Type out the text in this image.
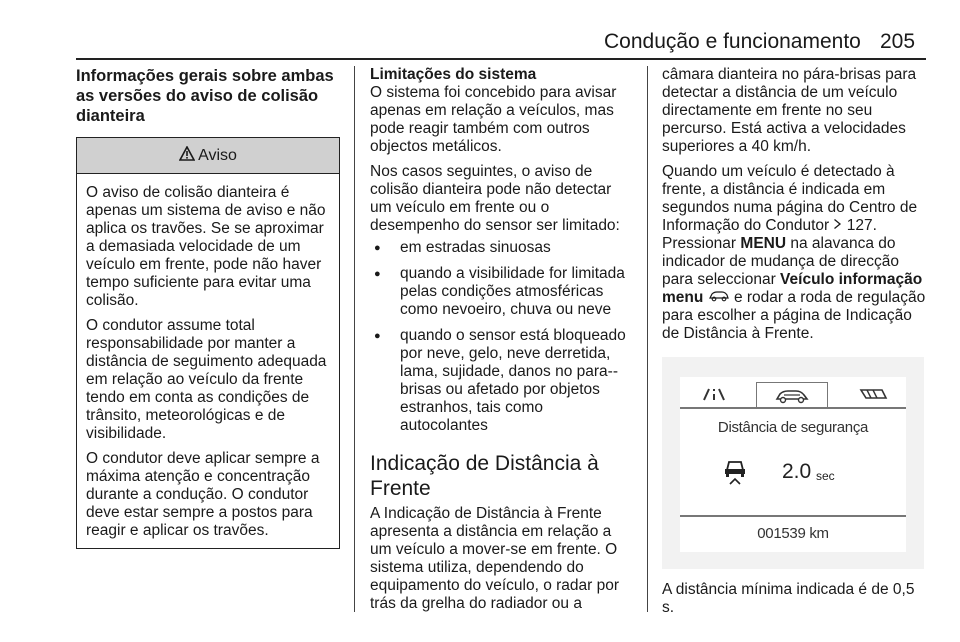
Condução e funcionamento 205
Informações gerais sobre ambas as versões do aviso de colisão dianteira
Aviso

O aviso de colisão dianteira é apenas um sistema de aviso e não aplica os travões. Se se aproximar a demasiada velocidade de um veículo em frente, pode não haver tempo suficiente para evitar uma colisão.

O condutor assume total responsabilidade por manter a distância de seguimento adequada em relação ao veículo da frente tendo em conta as condições de trânsito, meteorológicas e de visibilidade.

O condutor deve aplicar sempre a máxima atenção e concentração durante a condução. O condutor deve estar sempre a postos para reagir e aplicar os travões.

Limitações do sistema

O sistema foi concebido para avisar apenas em relação a veículos, mas pode reagir também com outros objectos metálicos.

Nos casos seguintes, o aviso de colisão dianteira pode não detectar um veículo em frente ou o desempenho do sensor ser limitado:

● em estradas sinuosas
● quando a visibilidade for limitada pelas condições atmosféricas como nevoeiro, chuva ou neve
● quando o sensor está bloqueado por neve, gelo, neve derretida, lama, sujidade, danos no para--brisas ou afetado por objetos estranhos, tais como autocolantes
Indicação de Distância à Frente

A Indicação de Distância à Frente apresenta a distância em relação a um veículo a mover-se em frente. O sistema utiliza, dependendo do equipamento do veículo, o radar por trás da grelha do radiador ou a

câmara dianteira no pára-brisas para detectar a distância de um veículo directamente em frente no seu percurso. Está activa a velocidades superiores a 40 km/h.

Quando um veículo é detectado à frente, a distância é indicada em segundos numa página do Centro de Informação do Condutor  127.
Pressionar MENU na alavanca do indicador de mudança de direcção para seleccionar Veículo informação menu  e rodar a roda de regulação para escolher a página de Indicação de Distância à Frente.

Distância de segurança
2.0 sec
001539 km

A distância mínima indicada é de 0,5 s.
